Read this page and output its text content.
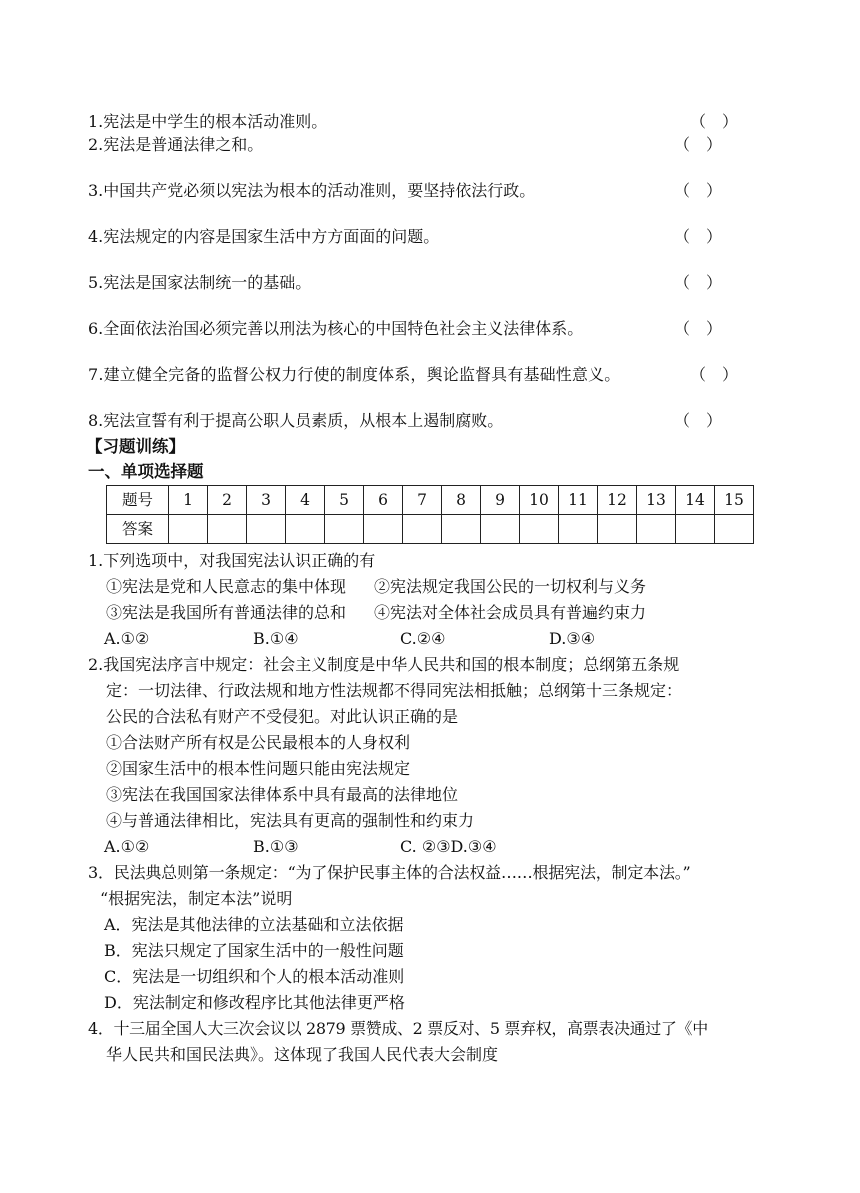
1.宪法是中学生的根本活动准则。	（　）
2.宪法是普通法律之和。	（　）
3.中国共产党必须以宪法为根本的活动准则，要坚持依法行政。	（　）
4.宪法规定的内容是国家生活中方方面面的问题。	（　）
5.宪法是国家法制统一的基础。	（　）
6.全面依法治国必须完善以刑法为核心的中国特色社会主义法律体系。	（　）
7.建立健全完备的监督公权力行使的制度体系，舆论监督具有基础性意义。	（　）
8.宪法宣誓有利于提高公职人员素质，从根本上遏制腐败。	（　）
【习题训练】
一、单项选择题
题号	1	2	3	4	5	6	7	8	9	10	11	12	13	14	15
答案															
1.下列选项中，对我国宪法认识正确的有
①宪法是党和人民意志的集中体现 ②宪法规定我国公民的一切权利与义务
③宪法是我国所有普通法律的总和 ④宪法对全体社会成员具有普遍约束力
A.①②	B.①④	C.②④	D.③④
2.我国宪法序言中规定：社会主义制度是中华人民共和国的根本制度；总纲第五条规
定：一切法律、行政法规和地方性法规都不得同宪法相抵触；总纲第十三条规定：
公民的合法私有财产不受侵犯。对此认识正确的是
①合法财产所有权是公民最根本的人身权利
②国家生活中的根本性问题只能由宪法规定
③宪法在我国国家法律体系中具有最高的法律地位
④与普通法律相比，宪法具有更高的强制性和约束力
A.①②	B.①③	C. ②③D.③④
3．民法典总则第一条规定：“为了保护民事主体的合法权益……根据宪法，制定本法。”
“根据宪法，制定本法”说明
A．宪法是其他法律的立法基础和立法依据
B．宪法只规定了国家生活中的一般性问题
C．宪法是一切组织和个人的根本活动准则
D．宪法制定和修改程序比其他法律更严格
4．十三届全国人大三次会议以 2879 票赞成、2 票反对、5 票弃权，高票表决通过了《中
华人民共和国民法典》。这体现了我国人民代表大会制度
